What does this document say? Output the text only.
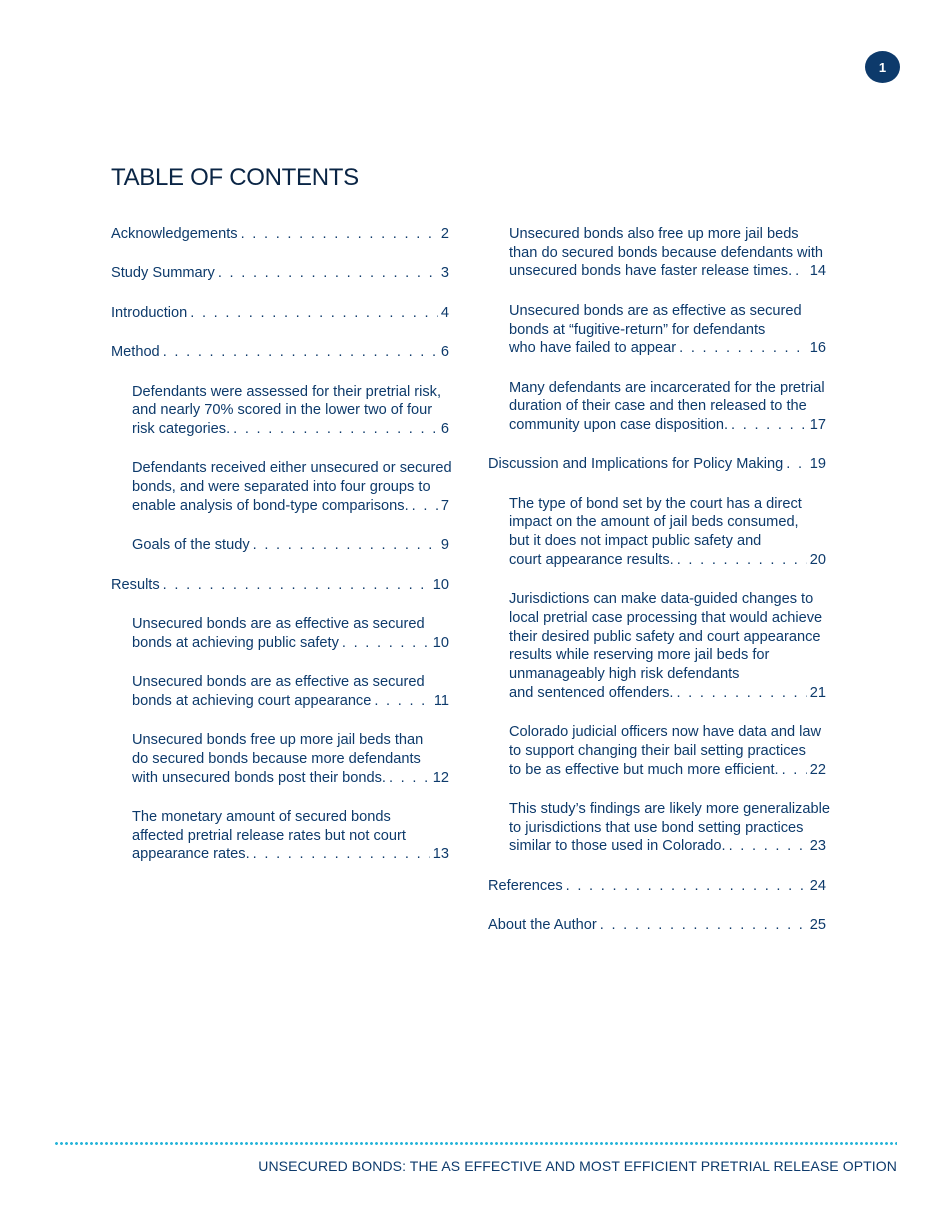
1
TABLE OF CONTENTS
Acknowledgements . . .	2
Study Summary . . .	3
Introduction . . .	4
Method . . .	6
Defendants were assessed for their pretrial risk,
and nearly 70% scored in the lower two of four
risk categories. . . .	6
Defendants received either unsecured or secured
bonds, and were separated into four groups to
enable analysis of bond-type comparisons. . . . 7
Goals of the study . . .	9
Results . . .	10
Unsecured bonds are as effective as secured
bonds at achieving public safety . . .	10
Unsecured bonds are as effective as secured
bonds at achieving court appearance . . .	11
Unsecured bonds free up more jail beds than
do secured bonds because more defendants
with unsecured bonds post their bonds. . . .	12
The monetary amount of secured bonds
affected pretrial release rates but not court
appearance rates. . . .	13
Unsecured bonds also free up more jail beds
than do secured bonds because defendants with
unsecured bonds have faster release times. . . . 14
Unsecured bonds are as effective as secured
bonds at “fugitive-return” for defendants
who have failed to appear . . .	16
Many defendants are incarcerated for the pretrial
duration of their case and then released to the
community upon case disposition. . . .	17
Discussion and Implications for Policy Making . . . 19
The type of bond set by the court has a direct
impact on the amount of jail beds consumed,
but it does not impact public safety and
court appearance results. . . .	20
Jurisdictions can make data-guided changes to
local pretrial case processing that would achieve
their desired public safety and court appearance
results while reserving more jail beds for
unmanageably high risk defendants
and sentenced offenders. . . .	21
Colorado judicial officers now have data and law
to support changing their bail setting practices
to be as effective but much more efficient. . . . 22
This study’s findings are likely more generalizable
to jurisdictions that use bond setting practices
similar to those used in Colorado. . . .	23
References . . .	24
About the Author . . .	25
UNSECURED BONDS: THE AS EFFECTIVE AND MOST EFFICIENT PRETRIAL RELEASE OPTION
